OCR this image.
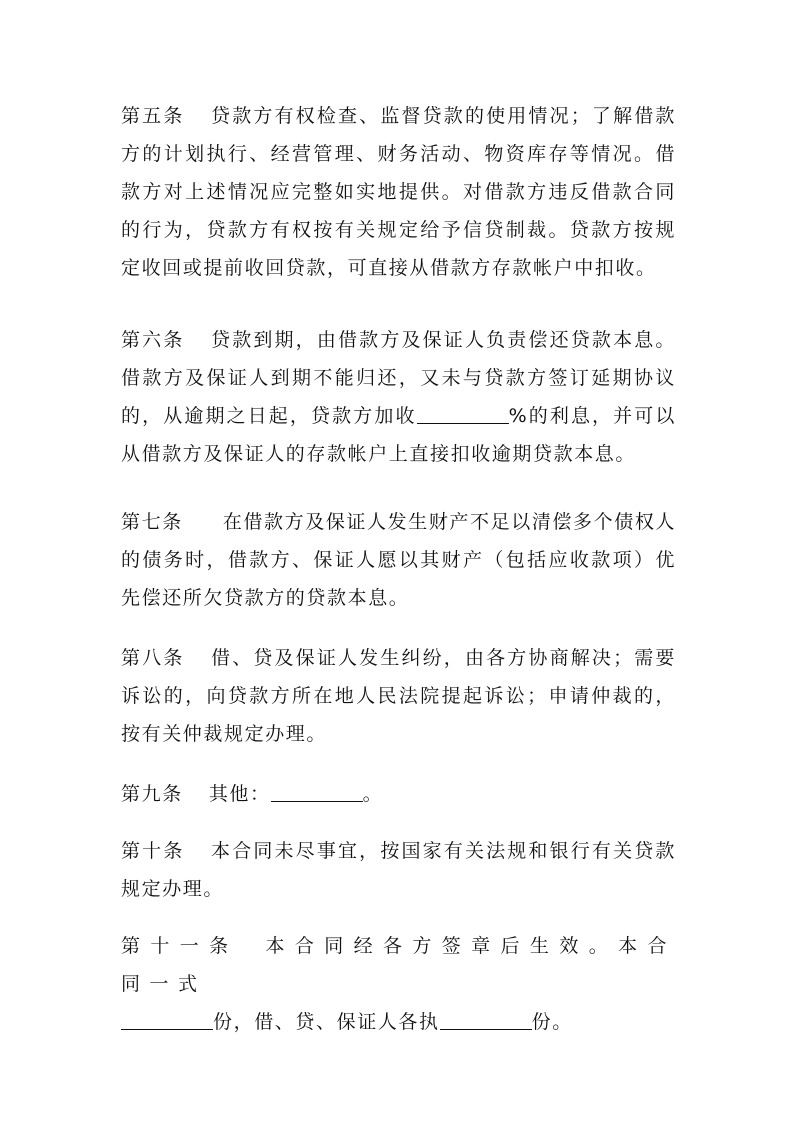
第五条 贷款方有权检查、监督贷款的使用情况；了解借款方的计划执行、经营管理、财务活动、物资库存等情况。借款方对上述情况应完整如实地提供。对借款方违反借款合同的行为，贷款方有权按有关规定给予信贷制裁。贷款方按规定收回或提前收回贷款，可直接从借款方存款帐户中扣收。

第六条 贷款到期，由借款方及保证人负责偿还贷款本息。借款方及保证人到期不能归还，又未与贷款方签订延期协议的，从逾期之日起，贷款方加收	%的利息，并可以从借款方及保证人的存款帐户上直接扣收逾期贷款本息。

第七条 在借款方及保证人发生财产不足以清偿多个债权人的债务时，借款方、保证人愿以其财产（包括应收款项）优先偿还所欠贷款方的贷款本息。

第八条 借、贷及保证人发生纠纷，由各方协商解决；需要诉讼的，向贷款方所在地人民法院提起诉讼；申请仲裁的，按有关仲裁规定办理。

第九条 其他：	。

第十条 本合同未尽事宜，按国家有关法规和银行有关贷款规定办理。

第十一条 本合同经各方签章后生效。本合同一式
份，借、贷、保证人各执	份。
